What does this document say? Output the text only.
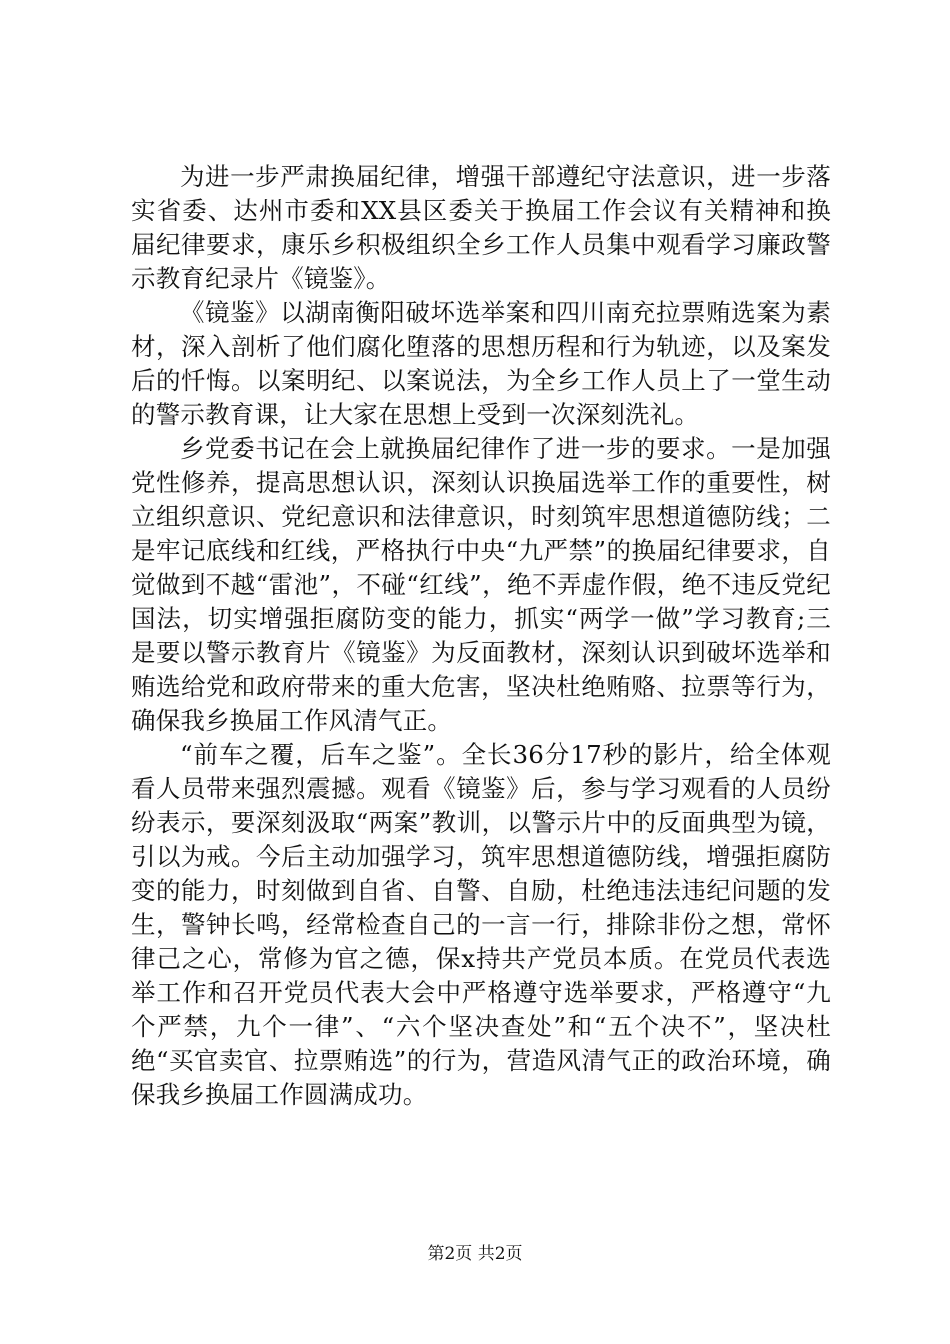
为进一步严肃换届纪律，增强干部遵纪守法意识，进一步落实省委、达州市委和XX县区委关于换届工作会议有关精神和换届纪律要求，康乐乡积极组织全乡工作人员集中观看学习廉政警示教育纪录片《镜鉴》。

《镜鉴》以湖南衡阳破坏选举案和四川南充拉票贿选案为素材，深入剖析了他们腐化堕落的思想历程和行为轨迹，以及案发后的忏悔。以案明纪、以案说法，为全乡工作人员上了一堂生动的警示教育课，让大家在思想上受到一次深刻洗礼。

乡党委书记在会上就换届纪律作了进一步的要求。一是加强党性修养，提高思想认识，深刻认识换届选举工作的重要性，树立组织意识、党纪意识和法律意识，时刻筑牢思想道德防线；二是牢记底线和红线，严格执行中央“九严禁”的换届纪律要求，自觉做到不越“雷池”，不碰“红线”，绝不弄虚作假，绝不违反党纪国法，切实增强拒腐防变的能力，抓实“两学一做”学习教育;三是要以警示教育片《镜鉴》为反面教材，深刻认识到破坏选举和贿选给党和政府带来的重大危害，坚决杜绝贿赂、拉票等行为，确保我乡换届工作风清气正。

“前车之覆，后车之鉴”。全长36分17秒的影片，给全体观看人员带来强烈震撼。观看《镜鉴》后，参与学习观看的人员纷纷表示，要深刻汲取“两案”教训，以警示片中的反面典型为镜，引以为戒。今后主动加强学习，筑牢思想道德防线，增强拒腐防变的能力，时刻做到自省、自警、自励，杜绝违法违纪问题的发生，警钟长鸣，经常检查自己的一言一行，排除非份之想，常怀律己之心，常修为官之德，保x持共产党员本质。在党员代表选举工作和召开党员代表大会中严格遵守选举要求，严格遵守“九个严禁，九个一律”、“六个坚决查处”和“五个决不”，坚决杜绝“买官卖官、拉票贿选”的行为，营造风清气正的政治环境，确保我乡换届工作圆满成功。

第2页 共2页
